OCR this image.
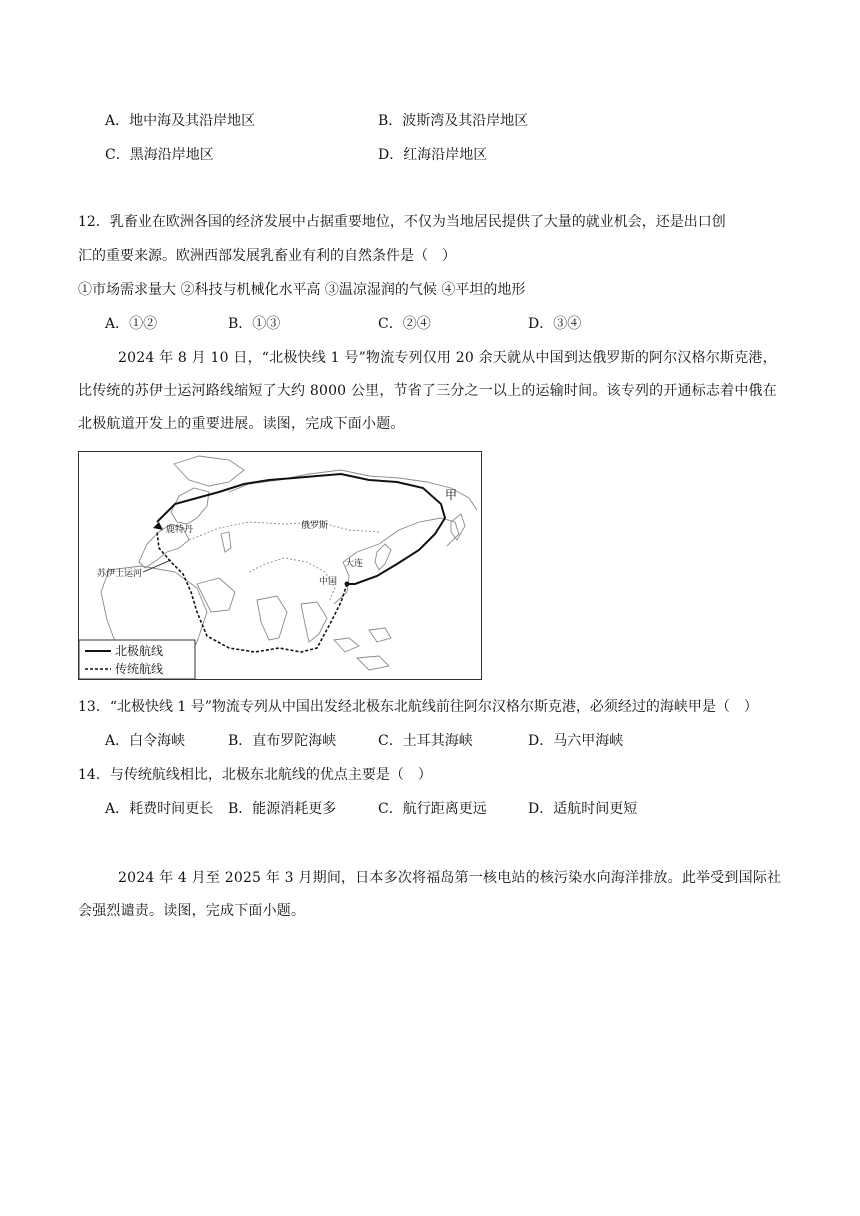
A．地中海及其沿岸地区	B．波斯湾及其沿岸地区
C．黑海沿岸地区	D．红海沿岸地区
12．乳畜业在欧洲各国的经济发展中占据重要地位，不仅为当地居民提供了大量的就业机会，还是出口创
汇的重要来源。欧洲西部发展乳畜业有利的自然条件是（　）
①市场需求量大 ②科技与机械化水平高 ③温凉湿润的气候 ④平坦的地形
A．①②	B．①③	C．②④	D．③④
2024 年 8 月 10 日，“北极快线 1 号”物流专列仅用 20 余天就从中国到达俄罗斯的阿尔汉格尔斯克港，比传统的苏伊士运河路线缩短了大约 8000 公里，节省了三分之一以上的运输时间。该专列的开通标志着中俄在北极航道开发上的重要进展。读图，完成下面小题。
甲
鹿特丹	俄罗斯
中国
大连
苏伊士运河
北极航线
传统航线
13．“北极快线 1 号”物流专列从中国出发经北极东北航线前往阿尔汉格尔斯克港，必须经过的海峡甲是（　）
A．白令海峡	B．直布罗陀海峡	C．土耳其海峡	D．马六甲海峡
14．与传统航线相比，北极东北航线的优点主要是（　）
A．耗费时间更长 B．能源消耗更多	C．航行距离更远	D．适航时间更短
2024 年 4 月至 2025 年 3 月期间，日本多次将福岛第一核电站的核污染水向海洋排放。此举受到国际社会强烈谴责。读图，完成下面小题。
